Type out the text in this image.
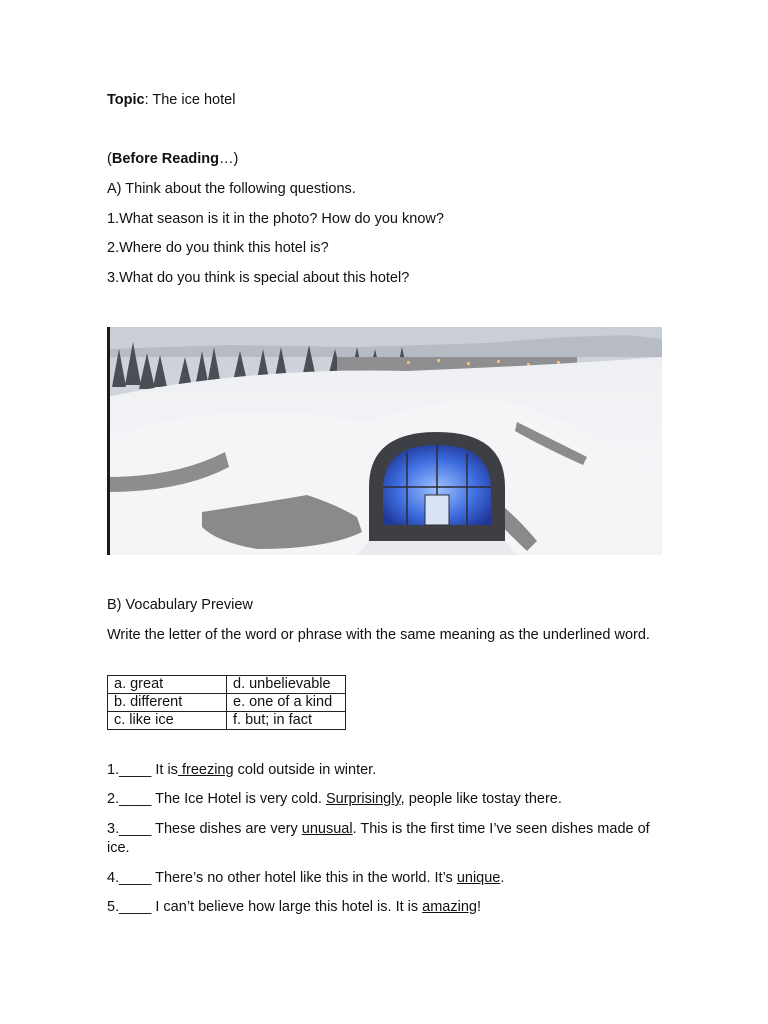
Topic: The ice hotel
(Before Reading…)
A) Think about the following questions.
1.What season is it in the photo? How do you know?
2.Where do you think this hotel is?
3.What do you think is special about this hotel?
B) Vocabulary Preview
Write the letter of the word or phrase with the same meaning as the underlined word.
a. great	d. unbelievable
b. different	e. one of a kind
c. like ice	f. but; in fact
1.____ It is freezing cold outside in winter.
2.____ The Ice Hotel is very cold. Surprisingly, people like tostay there.
3.____ These dishes are very unusual. This is the first time I’ve seen dishes made of ice.
4.____ There’s no other hotel like this in the world. It’s unique.
5.____ I can’t believe how large this hotel is. It is amazing!
